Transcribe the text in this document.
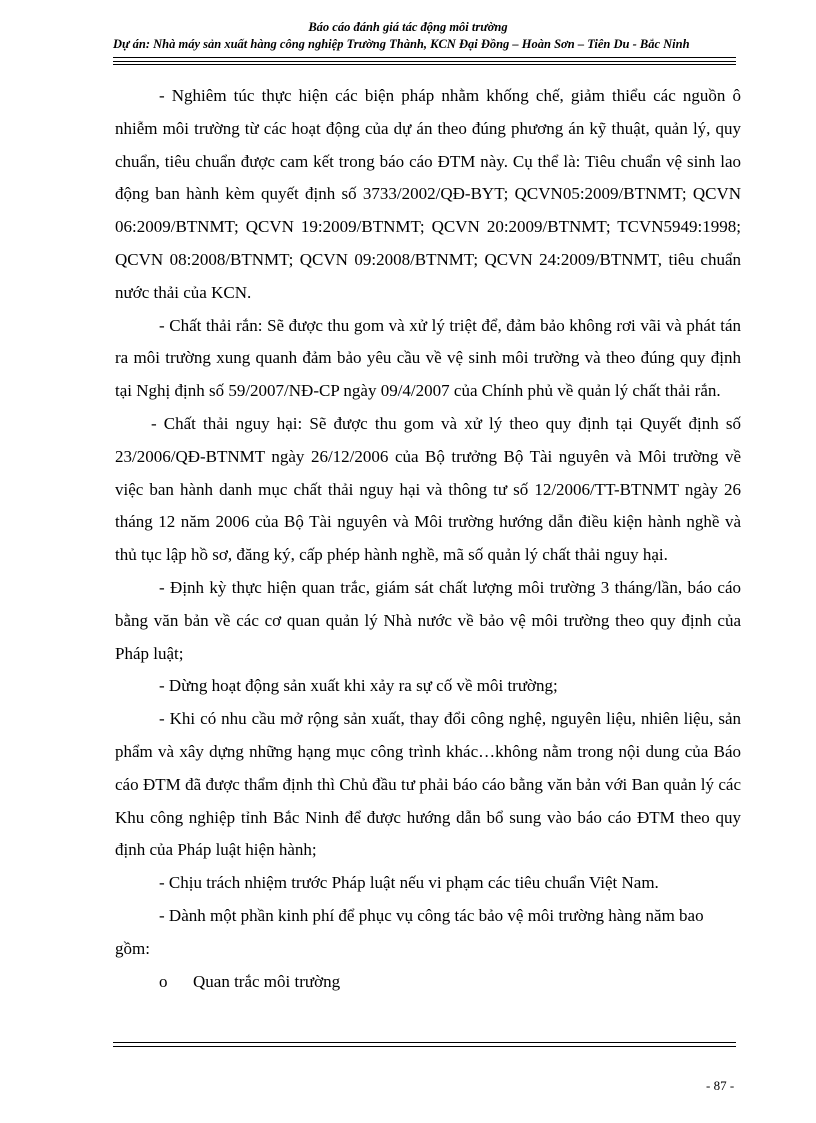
Báo cáo đánh giá tác động môi trường
Dự án: Nhà máy sản xuất hàng công nghiệp Trường Thành, KCN Đại Đồng – Hoàn Sơn – Tiên Du - Bắc Ninh

- Nghiêm túc thực hiện các biện pháp nhằm khống chế, giảm thiểu các nguồn ô nhiễm môi trường từ các hoạt động của dự án theo đúng phương án kỹ thuật, quản lý, quy chuẩn, tiêu chuẩn được cam kết trong báo cáo ĐTM này. Cụ thể là: Tiêu chuẩn vệ sinh lao động ban hành kèm quyết định số 3733/2002/QĐ-BYT; QCVN05:2009/BTNMT; QCVN 06:2009/BTNMT; QCVN 19:2009/BTNMT; QCVN 20:2009/BTNMT; TCVN5949:1998; QCVN 08:2008/BTNMT; QCVN 09:2008/BTNMT; QCVN 24:2009/BTNMT, tiêu chuẩn nước thải của KCN.

- Chất thải rắn: Sẽ được thu gom và xử lý triệt để, đảm bảo không rơi vãi và phát tán ra môi trường xung quanh đảm bảo yêu cầu về vệ sinh môi trường và theo đúng quy định tại Nghị định số 59/2007/NĐ-CP ngày 09/4/2007 của Chính phủ về quản lý chất thải rắn.

- Chất thải nguy hại: Sẽ được thu gom và xử lý theo quy định tại Quyết định số 23/2006/QĐ-BTNMT ngày 26/12/2006 của Bộ trưởng Bộ Tài nguyên và Môi trường về việc ban hành danh mục chất thải nguy hại và thông tư số 12/2006/TT-BTNMT ngày 26 tháng 12 năm 2006 của Bộ Tài nguyên và Môi trường hướng dẫn điều kiện hành nghề và thủ tục lập hồ sơ, đăng ký, cấp phép hành nghề, mã số quản lý chất thải nguy hại.

- Định kỳ thực hiện quan trắc, giám sát chất lượng môi trường 3 tháng/lần, báo cáo bằng văn bản về các cơ quan quản lý Nhà nước về bảo vệ môi trường theo quy định của Pháp luật;

- Dừng hoạt động sản xuất khi xảy ra sự cố về môi trường;

- Khi có nhu cầu mở rộng sản xuất, thay đổi công nghệ, nguyên liệu, nhiên liệu, sản phẩm và xây dựng những hạng mục công trình khác…không nằm trong nội dung của Báo cáo ĐTM đã được thẩm định thì Chủ đầu tư phải báo cáo bằng văn bản với Ban quản lý các Khu công nghiệp tỉnh Bắc Ninh để được hướng dẫn bổ sung vào báo cáo ĐTM theo quy định của Pháp luật hiện hành;

- Chịu trách nhiệm trước Pháp luật nếu vi phạm các tiêu chuẩn Việt Nam.

- Dành một phần kinh phí để phục vụ công tác bảo vệ môi trường hàng năm bao gồm:

o	Quan trắc môi trường
- 87 -
